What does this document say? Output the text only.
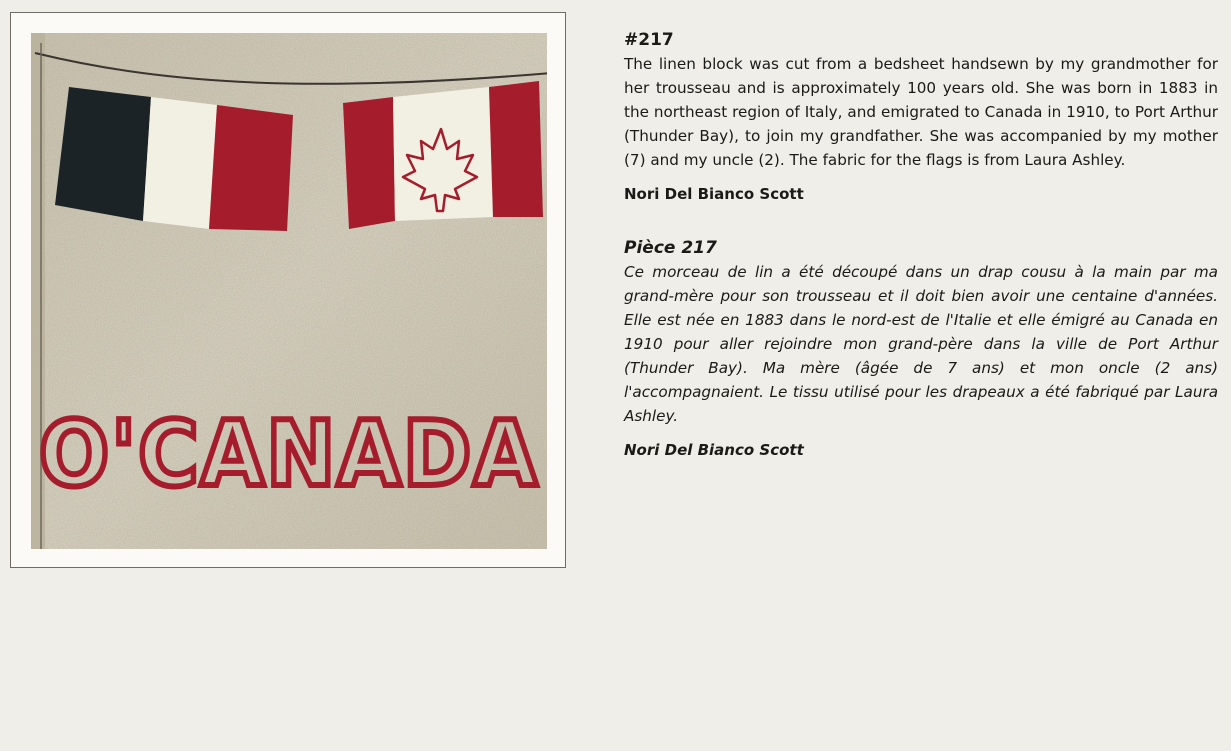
O'CANADA

#217

The linen block was cut from a bedsheet handsewn by my grandmother for her trousseau and is approximately 100 years old. She was born in 1883 in the northeast region of Italy, and emigrated to Canada in 1910, to Port Arthur (Thunder Bay), to join my grandfather. She was accompanied by my mother (7) and my uncle (2). The fabric for the flags is from Laura Ashley.

Nori Del Bianco Scott

Pièce 217

Ce morceau de lin a été découpé dans un drap cousu à la main par ma grand-mère pour son trousseau et il doit bien avoir une centaine d'années. Elle est née en 1883 dans le nord-est de l'Italie et elle émigré au Canada en 1910 pour aller rejoindre mon grand-père dans la ville de Port Arthur (Thunder Bay). Ma mère (âgée de 7 ans) et mon oncle (2 ans) l'accompagnaient. Le tissu utilisé pour les drapeaux a été fabriqué par Laura Ashley.

Nori Del Bianco Scott
